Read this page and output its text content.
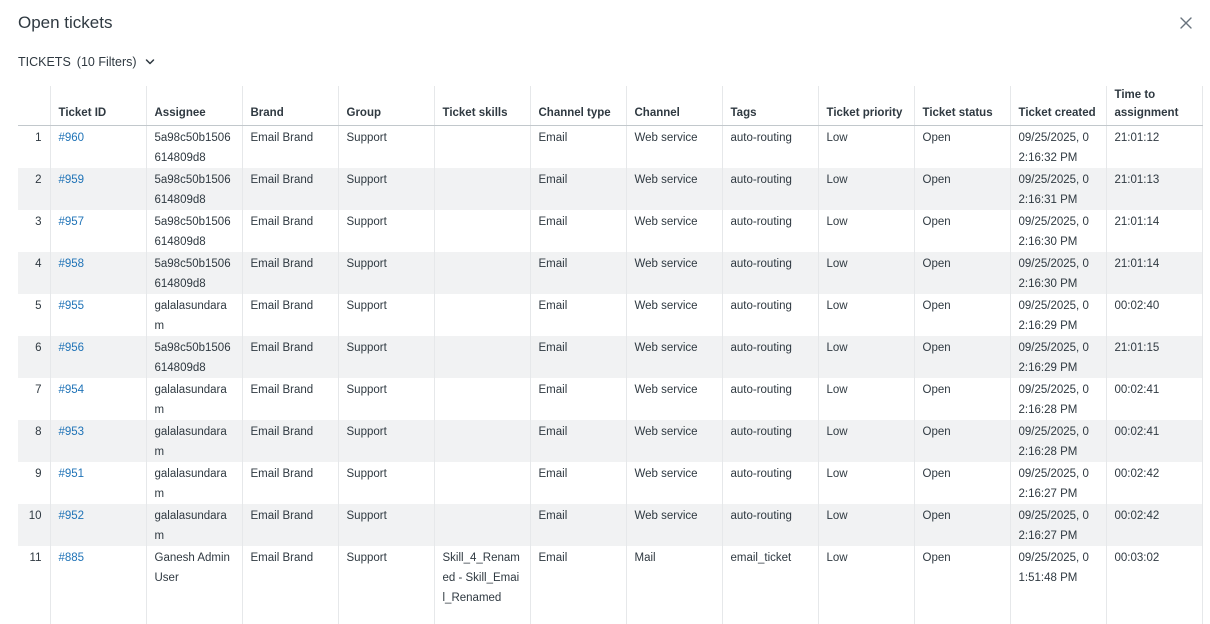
Open tickets
TICKETS (10 Filters)
	Ticket ID	Assignee	Brand	Group	Ticket skills	Channel type	Channel	Tags	Ticket priority	Ticket status	Ticket created	Time to assignment
1	#960	5a98c50b1506614809d8	Email Brand	Support		Email	Web service	auto-routing	Low	Open	09/25/2025, 02:16:32 PM	21:01:12
2	#959	5a98c50b1506614809d8	Email Brand	Support		Email	Web service	auto-routing	Low	Open	09/25/2025, 02:16:31 PM	21:01:13
3	#957	5a98c50b1506614809d8	Email Brand	Support		Email	Web service	auto-routing	Low	Open	09/25/2025, 02:16:30 PM	21:01:14
4	#958	5a98c50b1506614809d8	Email Brand	Support		Email	Web service	auto-routing	Low	Open	09/25/2025, 02:16:30 PM	21:01:14
5	#955	galalasundaram	Email Brand	Support		Email	Web service	auto-routing	Low	Open	09/25/2025, 02:16:29 PM	00:02:40
6	#956	5a98c50b1506614809d8	Email Brand	Support		Email	Web service	auto-routing	Low	Open	09/25/2025, 02:16:29 PM	21:01:15
7	#954	galalasundaram	Email Brand	Support		Email	Web service	auto-routing	Low	Open	09/25/2025, 02:16:28 PM	00:02:41
8	#953	galalasundaram	Email Brand	Support		Email	Web service	auto-routing	Low	Open	09/25/2025, 02:16:28 PM	00:02:41
9	#951	galalasundaram	Email Brand	Support		Email	Web service	auto-routing	Low	Open	09/25/2025, 02:16:27 PM	00:02:42
10	#952	galalasundaram	Email Brand	Support		Email	Web service	auto-routing	Low	Open	09/25/2025, 02:16:27 PM	00:02:42
11	#885	Ganesh Admin User	Email Brand	Support	Skill_4_Renamed - Skill_Email_Renamed	Email	Mail	email_ticket	Low	Open	09/25/2025, 01:51:48 PM	00:03:02
